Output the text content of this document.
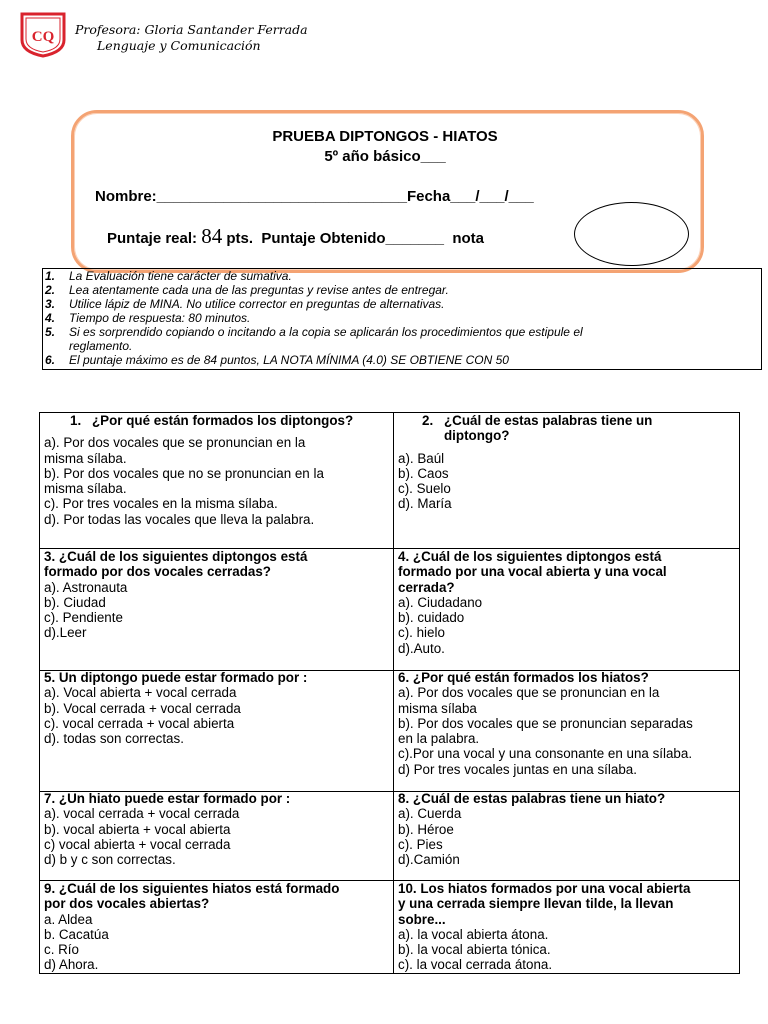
CQ Profesora: Gloria Santander Ferrada
Lenguaje y Comunicación
PRUEBA DIPTONGOS - HIATOS
5º año básico___
Nombre:______________________________Fecha___/___/___
Puntaje real: 84 pts. Puntaje Obtenido_______ nota
1. La Evaluación tiene carácter de sumativa.
2. Lea atentamente cada una de las preguntas y revise antes de entregar.
3. Utilice lápiz de MINA. No utilice corrector en preguntas de alternativas.
4. Tiempo de respuesta: 80 minutos.
5. Si es sorprendido copiando o incitando a la copia se aplicarán los procedimientos que estipule el
reglamento.
6. El puntaje máximo es de 84 puntos, LA NOTA MÍNIMA (4.0) SE OBTIENE CON 50
1. ¿Por qué están formados los diptongos?
a). Por dos vocales que se pronuncian en la
misma sílaba.
b). Por dos vocales que no se pronuncian en la
misma sílaba.
c). Por tres vocales en la misma sílaba.
d). Por todas las vocales que lleva la palabra.
2. ¿Cuál de estas palabras tiene un
diptongo?
a). Baúl
b). Caos
c). Suelo
d). María
3. ¿Cuál de los siguientes diptongos está
formado por dos vocales cerradas?
a). Astronauta
b). Ciudad
c). Pendiente
d).Leer
4. ¿Cuál de los siguientes diptongos está
formado por una vocal abierta y una vocal
cerrada?
a). Ciudadano
b). cuidado
c). hielo
d).Auto.
5. Un diptongo puede estar formado por :
a). Vocal abierta + vocal cerrada
b). Vocal cerrada + vocal cerrada
c). vocal cerrada + vocal abierta
d). todas son correctas.
6. ¿Por qué están formados los hiatos?
a). Por dos vocales que se pronuncian en la
misma sílaba
b). Por dos vocales que se pronuncian separadas
en la palabra.
c).Por una vocal y una consonante en una sílaba.
d) Por tres vocales juntas en una sílaba.
7. ¿Un hiato puede estar formado por :
a). vocal cerrada + vocal cerrada
b). vocal abierta + vocal abierta
c) vocal abierta + vocal cerrada
d) b y c son correctas.
8. ¿Cuál de estas palabras tiene un hiato?
a). Cuerda
b). Héroe
c). Pies
d).Camión
9. ¿Cuál de los siguientes hiatos está formado
por dos vocales abiertas?
a. Aldea
b. Cacatúa
c. Río
d) Ahora.
10. Los hiatos formados por una vocal abierta
y una cerrada siempre llevan tilde, la llevan
sobre...
a). la vocal abierta átona.
b). la vocal abierta tónica.
c). la vocal cerrada átona.
